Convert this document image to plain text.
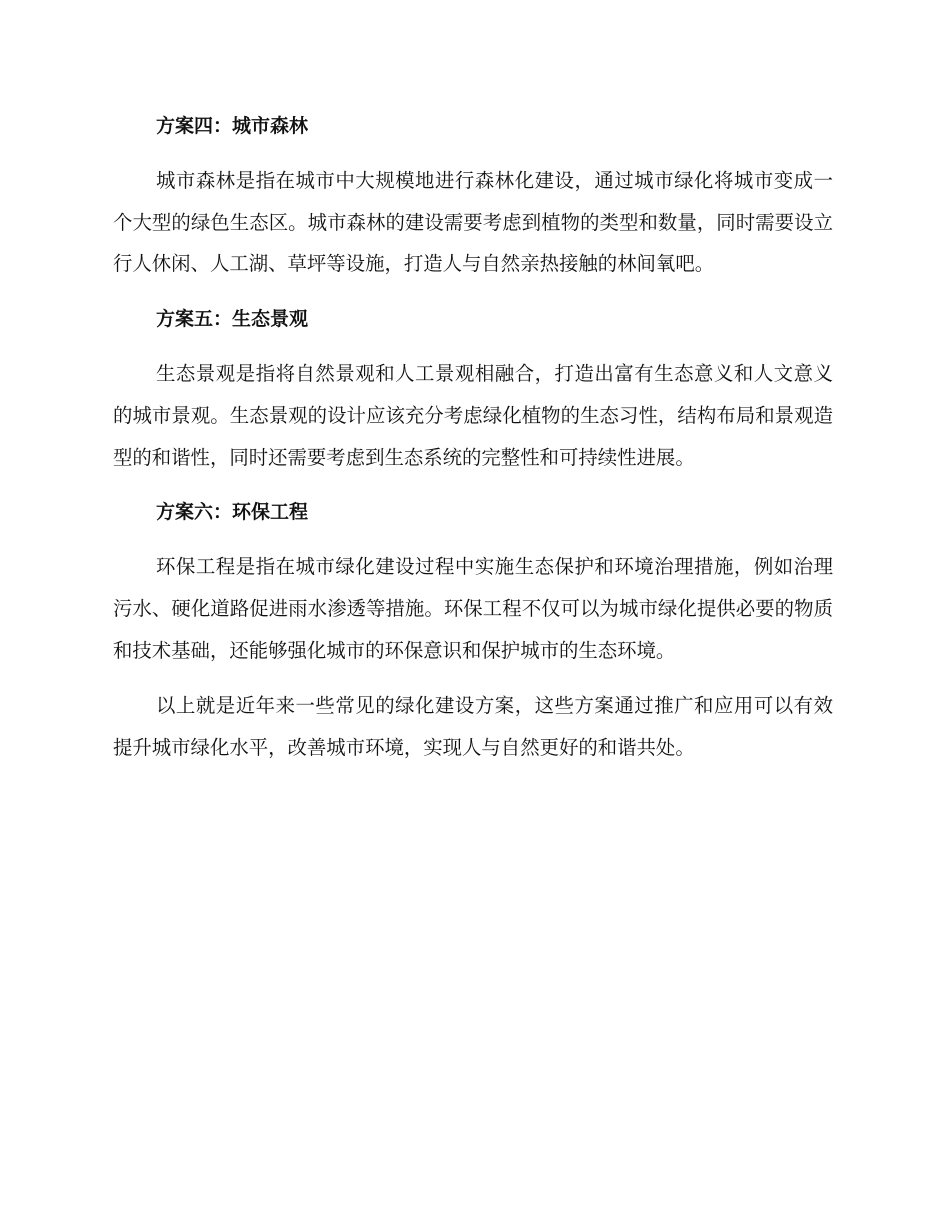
方案四：城市森林

城市森林是指在城市中大规模地进行森林化建设，通过城市绿化将城市变成一个大型的绿色生态区。城市森林的建设需要考虑到植物的类型和数量，同时需要设立行人休闲、人工湖、草坪等设施，打造人与自然亲热接触的林间氧吧。

方案五：生态景观

生态景观是指将自然景观和人工景观相融合，打造出富有生态意义和人文意义的城市景观。生态景观的设计应该充分考虑绿化植物的生态习性，结构布局和景观造型的和谐性，同时还需要考虑到生态系统的完整性和可持续性进展。

方案六：环保工程

环保工程是指在城市绿化建设过程中实施生态保护和环境治理措施，例如治理污水、硬化道路促进雨水渗透等措施。环保工程不仅可以为城市绿化提供必要的物质和技术基础，还能够强化城市的环保意识和保护城市的生态环境。

以上就是近年来一些常见的绿化建设方案，这些方案通过推广和应用可以有效提升城市绿化水平，改善城市环境，实现人与自然更好的和谐共处。
